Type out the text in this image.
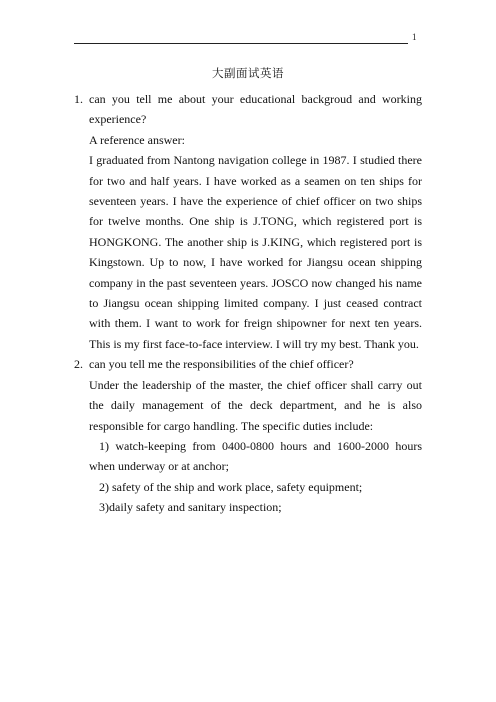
1
大副面试英语
1. can you tell me about your educational backgroud and working experience?

A reference answer:

I graduated from Nantong navigation college in 1987. I studied there for two and half years. I have worked as a seamen on ten ships for seventeen years. I have the experience of chief officer on two ships for twelve months. One ship is J.TONG, which registered port is HONGKONG. The another ship is J.KING, which registered port is Kingstown. Up to now, I have worked for Jiangsu ocean shipping company in the past seventeen years. JOSCO now changed his name to Jiangsu ocean shipping limited company. I just ceased contract with them. I want to work for freign shipowner for next ten years. This is my first face-to-face interview. I will try my best. Thank you.

2. can you tell me the responsibilities of the chief officer?

Under the leadership of the master, the chief officer shall carry out the daily management of the deck department, and he is also responsible for cargo handling. The specific duties include:

1) watch-keeping from 0400-0800 hours and 1600-2000 hours when underway or at anchor;

2) safety of the ship and work place, safety equipment;

3)daily safety and sanitary inspection;
